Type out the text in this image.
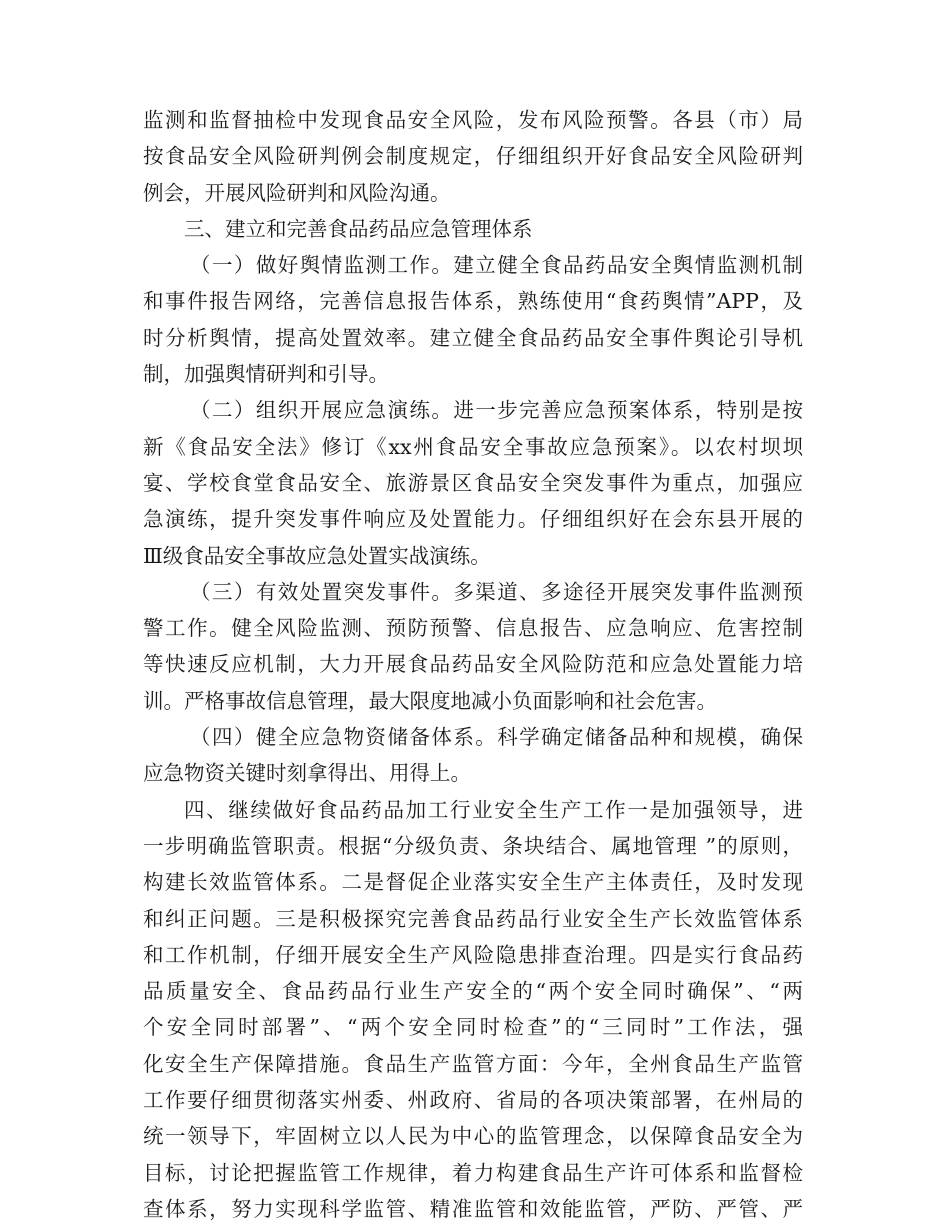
监测和监督抽检中发现食品安全风险，发布风险预警。各县（市）局
按食品安全风险研判例会制度规定，仔细组织开好食品安全风险研判
例会，开展风险研判和风险沟通。
三、建立和完善食品药品应急管理体系
（一）做好舆情监测工作。建立健全食品药品安全舆情监测机制
和事件报告网络，完善信息报告体系，熟练使用“食药舆情”APP，及
时分析舆情，提高处置效率。建立健全食品药品安全事件舆论引导机
制，加强舆情研判和引导。
（二）组织开展应急演练。进一步完善应急预案体系，特别是按
新《食品安全法》修订《xx州食品安全事故应急预案》。以农村坝坝
宴、学校食堂食品安全、旅游景区食品安全突发事件为重点，加强应
急演练，提升突发事件响应及处置能力。仔细组织好在会东县开展的
Ⅲ级食品安全事故应急处置实战演练。
（三）有效处置突发事件。多渠道、多途径开展突发事件监测预
警工作。健全风险监测、预防预警、信息报告、应急响应、危害控制
等快速反应机制，大力开展食品药品安全风险防范和应急处置能力培
训。严格事故信息管理，最大限度地减小负面影响和社会危害。
（四）健全应急物资储备体系。科学确定储备品种和规模，确保
应急物资关键时刻拿得出、用得上。
四、继续做好食品药品加工行业安全生产工作一是加强领导，进
一步明确监管职责。根据“分级负责、条块结合、属地管理 ”的原则，
构建长效监管体系。二是督促企业落实安全生产主体责任，及时发现
和纠正问题。三是积极探究完善食品药品行业安全生产长效监管体系
和工作机制，仔细开展安全生产风险隐患排查治理。四是实行食品药
品质量安全、食品药品行业生产安全的“两个安全同时确保”、“两
个安全同时部署”、“两个安全同时检查”的“三同时”工作法，强
化安全生产保障措施。食品生产监管方面：今年，全州食品生产监管
工作要仔细贯彻落实州委、州政府、省局的各项决策部署，在州局的
统一领导下，牢固树立以人民为中心的监管理念，以保障食品安全为
目标，讨论把握监管工作规律，着力构建食品生产许可体系和监督检
查体系，努力实现科学监管、精准监管和效能监管，严防、严管、严
